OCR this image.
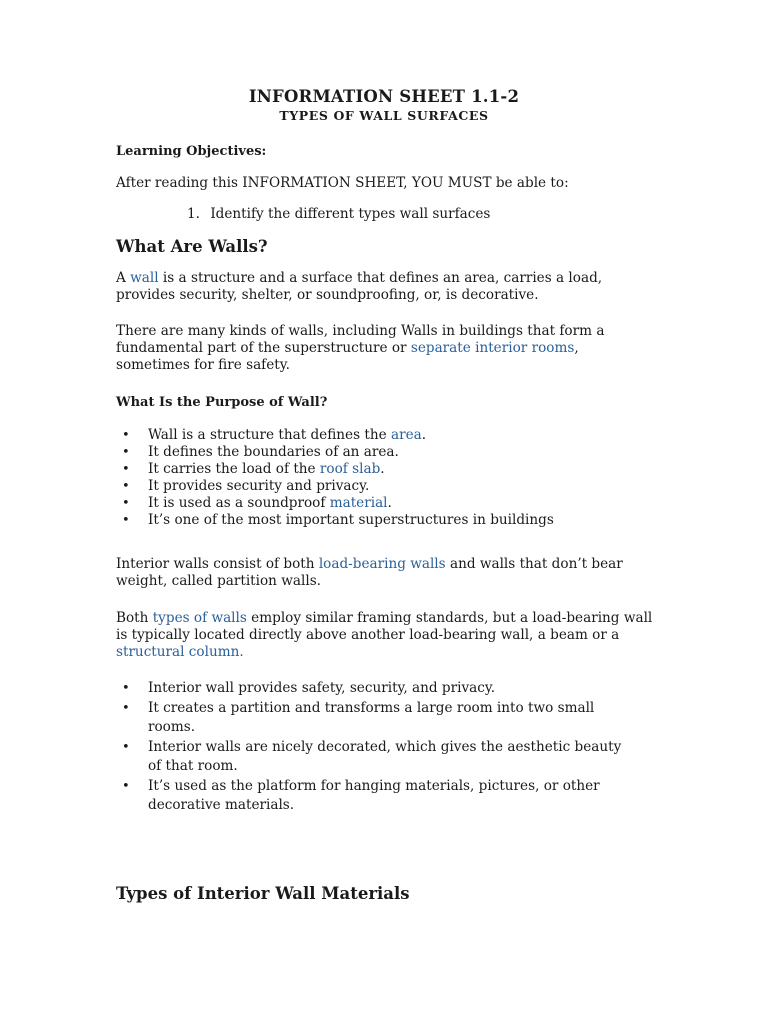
INFORMATION SHEET 1.1-2
TYPES OF WALL SURFACES
Learning Objectives:
After reading this INFORMATION SHEET, YOU MUST be able to:
1. Identify the different types wall surfaces
What Are Walls?

A wall is a structure and a surface that defines an area, carries a load, provides security, shelter, or soundproofing, or, is decorative.

There are many kinds of walls, including Walls in buildings that form a fundamental part of the superstructure or separate interior rooms, sometimes for fire safety.

What Is the Purpose of Wall?
• Wall is a structure that defines the area.
• It defines the boundaries of an area.
• It carries the load of the roof slab.
• It provides security and privacy.
• It is used as a soundproof material.
• It’s one of the most important superstructures in buildings

Interior walls consist of both load-bearing walls and walls that don’t bear weight, called partition walls.

Both types of walls employ similar framing standards, but a load-bearing wall is typically located directly above another load-bearing wall, a beam or a structural column.

• Interior wall provides safety, security, and privacy.
• It creates a partition and transforms a large room into two small rooms.
• Interior walls are nicely decorated, which gives the aesthetic beauty of that room.
• It’s used as the platform for hanging materials, pictures, or other decorative materials.
Types of Interior Wall Materials
